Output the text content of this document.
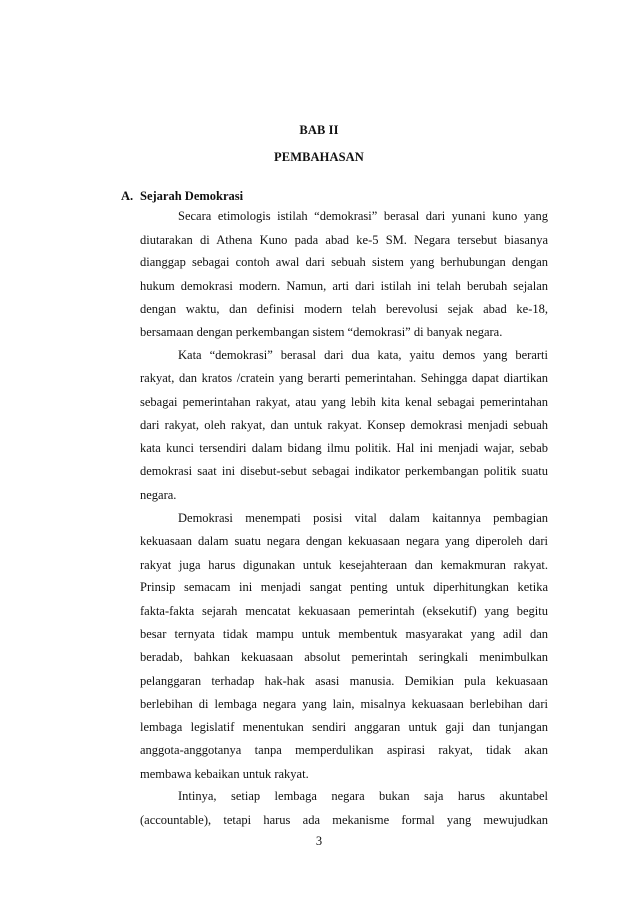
BAB II
PEMBAHASAN
A. Sejarah Demokrasi
Secara etimologis istilah “demokrasi” berasal dari yunani kuno yang
diutarakan di Athena Kuno pada abad ke-5 SM. Negara tersebut biasanya
dianggap sebagai contoh awal dari sebuah sistem yang berhubungan dengan
hukum demokrasi modern. Namun, arti dari istilah ini telah berubah sejalan
dengan waktu, dan definisi modern telah berevolusi sejak abad ke-18,
bersamaan dengan perkembangan sistem “demokrasi” di banyak negara.
Kata “demokrasi” berasal dari dua kata, yaitu demos yang berarti
rakyat, dan kratos /cratein yang berarti pemerintahan. Sehingga dapat diartikan
sebagai pemerintahan rakyat, atau yang lebih kita kenal sebagai pemerintahan
dari rakyat, oleh rakyat, dan untuk rakyat. Konsep demokrasi menjadi sebuah
kata kunci tersendiri dalam bidang ilmu politik. Hal ini menjadi wajar, sebab
demokrasi saat ini disebut-sebut sebagai indikator perkembangan politik suatu
negara.
Demokrasi menempati posisi vital dalam kaitannya pembagian
kekuasaan dalam suatu negara dengan kekuasaan negara yang diperoleh dari
rakyat juga harus digunakan untuk kesejahteraan dan kemakmuran rakyat.
Prinsip semacam ini menjadi sangat penting untuk diperhitungkan ketika
fakta-fakta sejarah mencatat kekuasaan pemerintah (eksekutif) yang begitu
besar ternyata tidak mampu untuk membentuk masyarakat yang adil dan
beradab, bahkan kekuasaan absolut pemerintah seringkali menimbulkan
pelanggaran terhadap hak-hak asasi manusia. Demikian pula kekuasaan
berlebihan di lembaga negara yang lain, misalnya kekuasaan berlebihan dari
lembaga legislatif menentukan sendiri anggaran untuk gaji dan tunjangan
anggota-anggotanya tanpa memperdulikan aspirasi rakyat, tidak akan
membawa kebaikan untuk rakyat.
Intinya, setiap lembaga negara bukan saja harus akuntabel
(accountable), tetapi harus ada mekanisme formal yang mewujudkan
3
